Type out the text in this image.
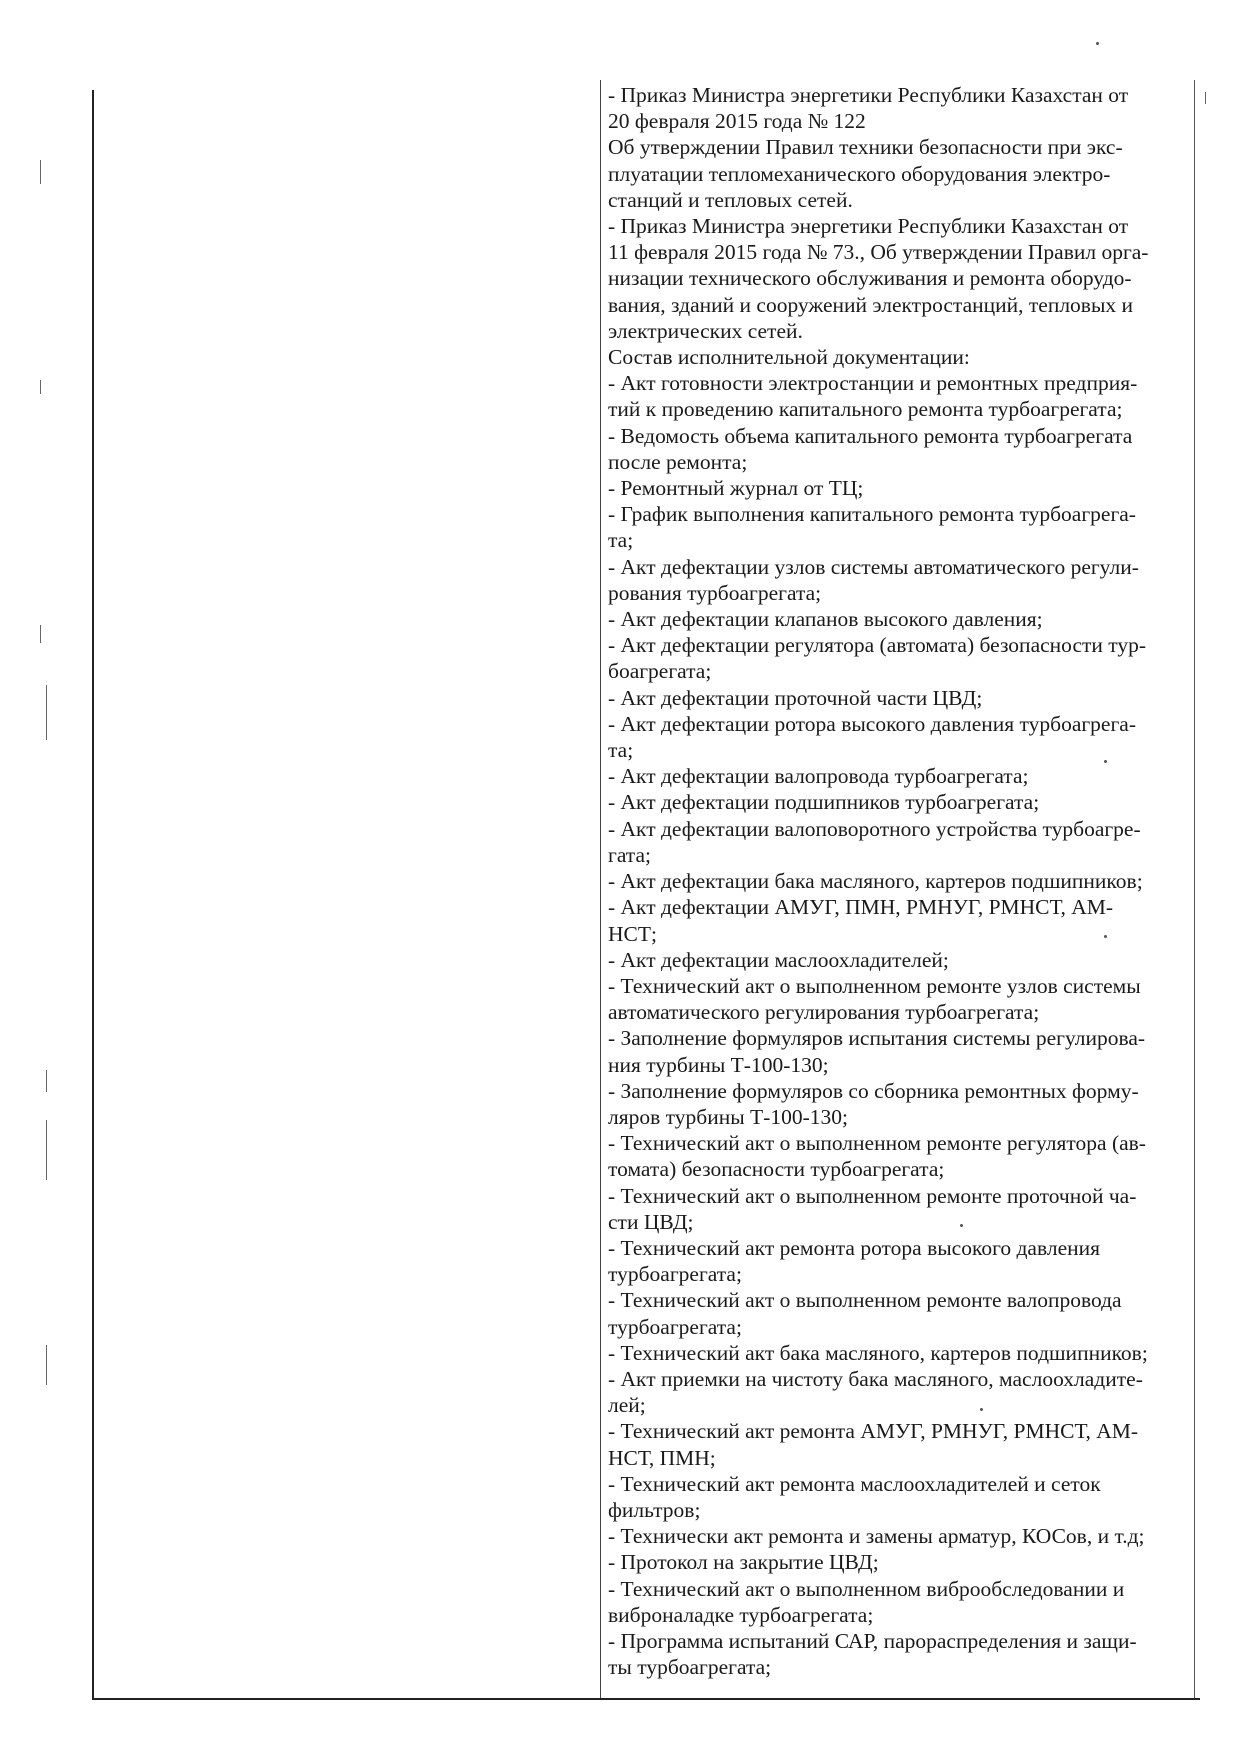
- Приказ Министра энергетики Республики Казахстан от
20 февраля 2015 года № 122

Об утверждении Правил техники безопасности при экс-
плуатации тепломеханического оборудования электро-
станций и тепловых сетей.

- Приказ Министра энергетики Республики Казахстан от
11 февраля 2015 года № 73., Об утверждении Правил орга-
низации технического обслуживания и ремонта оборудо-
вания, зданий и сооружений электростанций, тепловых и
электрических сетей.

Состав исполнительной документации:

- Акт готовности электростанции и ремонтных предприя-
тий к проведению капитального ремонта турбоагрегата;
- Ведомость объема капитального ремонта турбоагрегата
после ремонта;
- Ремонтный журнал от ТЦ;
- График выполнения капитального ремонта турбоагрега-
та;
- Акт дефектации узлов системы автоматического регули-
рования турбоагрегата;
- Акт дефектации клапанов высокого давления;
- Акт дефектации регулятора (автомата) безопасности тур-
боагрегата;
- Акт дефектации проточной части ЦВД;
- Акт дефектации ротора высокого давления турбоагрега-
та;
- Акт дефектации валопровода турбоагрегата;
- Акт дефектации подшипников турбоагрегата;
- Акт дефектации валоповоротного устройства турбоагре-
гата;
- Акт дефектации бака масляного, картеров подшипников;
- Акт дефектации АМУГ, ПМН, РМНУГ, РМНСТ, АМ-
НСТ;
- Акт дефектации маслоохладителей;
- Технический акт о выполненном ремонте узлов системы
автоматического регулирования турбоагрегата;
- Заполнение формуляров испытания системы регулирова-
ния турбины Т-100-130;
- Заполнение формуляров со сборника ремонтных форму-
ляров турбины Т-100-130;
- Технический акт о выполненном ремонте регулятора (ав-
томата) безопасности турбоагрегата;
- Технический акт о выполненном ремонте проточной ча-
сти ЦВД;
- Технический акт ремонта ротора высокого давления
турбоагрегата;
- Технический акт о выполненном ремонте валопровода
турбоагрегата;
- Технический акт бака масляного, картеров подшипников;
- Акт приемки на чистоту бака масляного, маслоохладите-
лей;
- Технический акт ремонта АМУГ, РМНУГ, РМНСТ, АМ-
НСТ, ПМН;
- Технический акт ремонта маслоохладителей и сеток
фильтров;
- Технически акт ремонта и замены арматур, КОСов, и т.д;
- Протокол на закрытие ЦВД;
- Технический акт о выполненном виброобследовании и
виброналадке турбоагрегата;
- Программа испытаний САР, парораспределения и защи-
ты турбоагрегата;
